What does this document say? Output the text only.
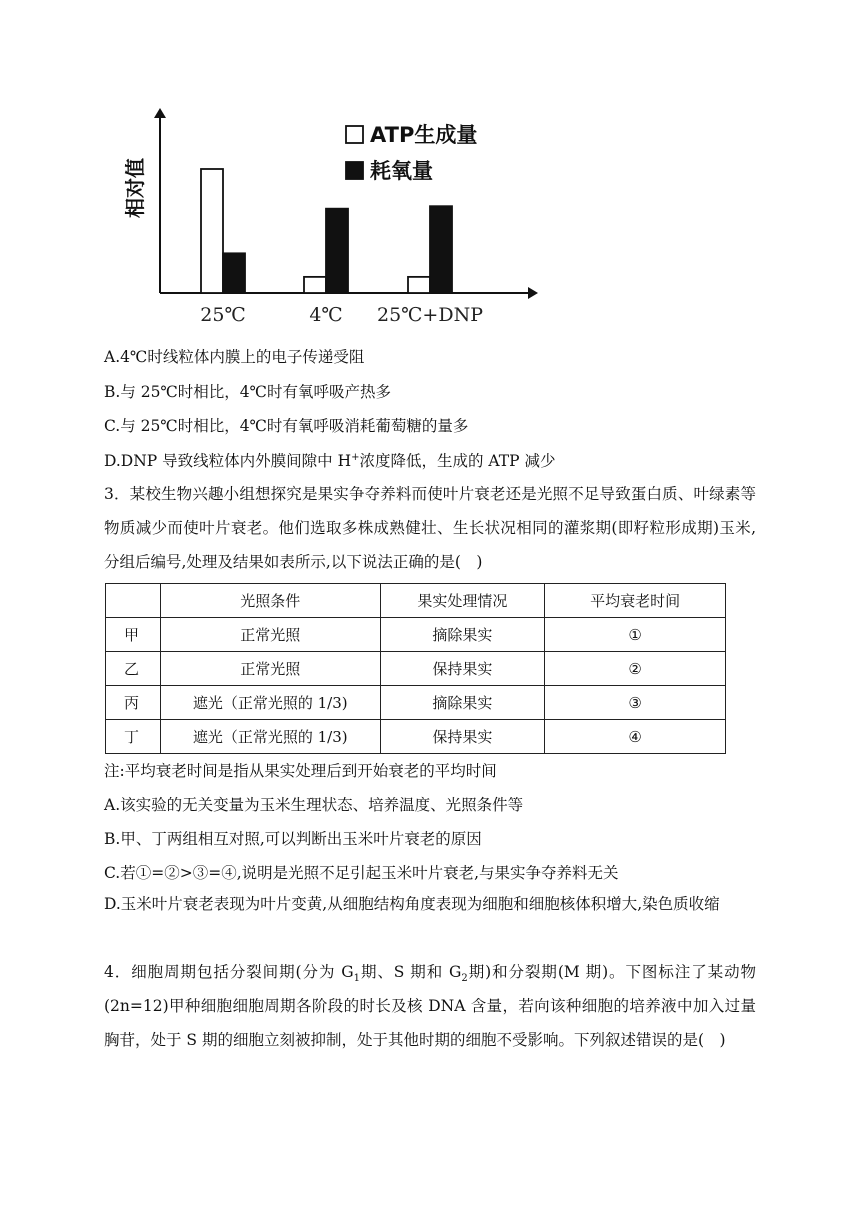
25℃	4℃ 25℃+DNP
ATP生成量
耗氧量
相对值
A.4℃时线粒体内膜上的电子传递受阻
B.与 25℃时相比，4℃时有氧呼吸产热多
C.与 25℃时相比，4℃时有氧呼吸消耗葡萄糖的量多
D.DNP 导致线粒体内外膜间隙中 H+浓度降低，生成的 ATP 减少
3．某校生物兴趣小组想探究是果实争夺养料而使叶片衰老还是光照不足导致蛋白质、叶绿素等物质减少而使叶片衰老。他们选取多株成熟健壮、生长状况相同的灌浆期(即籽粒形成期)玉米,分组后编号,处理及结果如表所示,以下说法正确的是(　)
	光照条件	果实处理情况	平均衰老时间
甲	正常光照	摘除果实	①
乙	正常光照	保持果实	②
丙	遮光（正常光照的 1/3)	摘除果实	③
丁	遮光（正常光照的 1/3)	保持果实	④
注:平均衰老时间是指从果实处理后到开始衰老的平均时间
A.该实验的无关变量为玉米生理状态、培养温度、光照条件等
B.甲、丁两组相互对照,可以判断出玉米叶片衰老的原因
C.若①=②>③=④,说明是光照不足引起玉米叶片衰老,与果实争夺养料无关
D.玉米叶片衰老表现为叶片变黄,从细胞结构角度表现为细胞和细胞核体积增大,染色质收缩
4．细胞周期包括分裂间期(分为 $G_1$期、S 期和 $G_2$期)和分裂期(M 期)。下图标注了某动物(2n=12)甲种细胞细胞周期各阶段的时长及核 DNA 含量，若向该种细胞的培养液中加入过量胸苷，处于 S 期的细胞立刻被抑制，处于其他时期的细胞不受影响。下列叙述错误的是(　)
